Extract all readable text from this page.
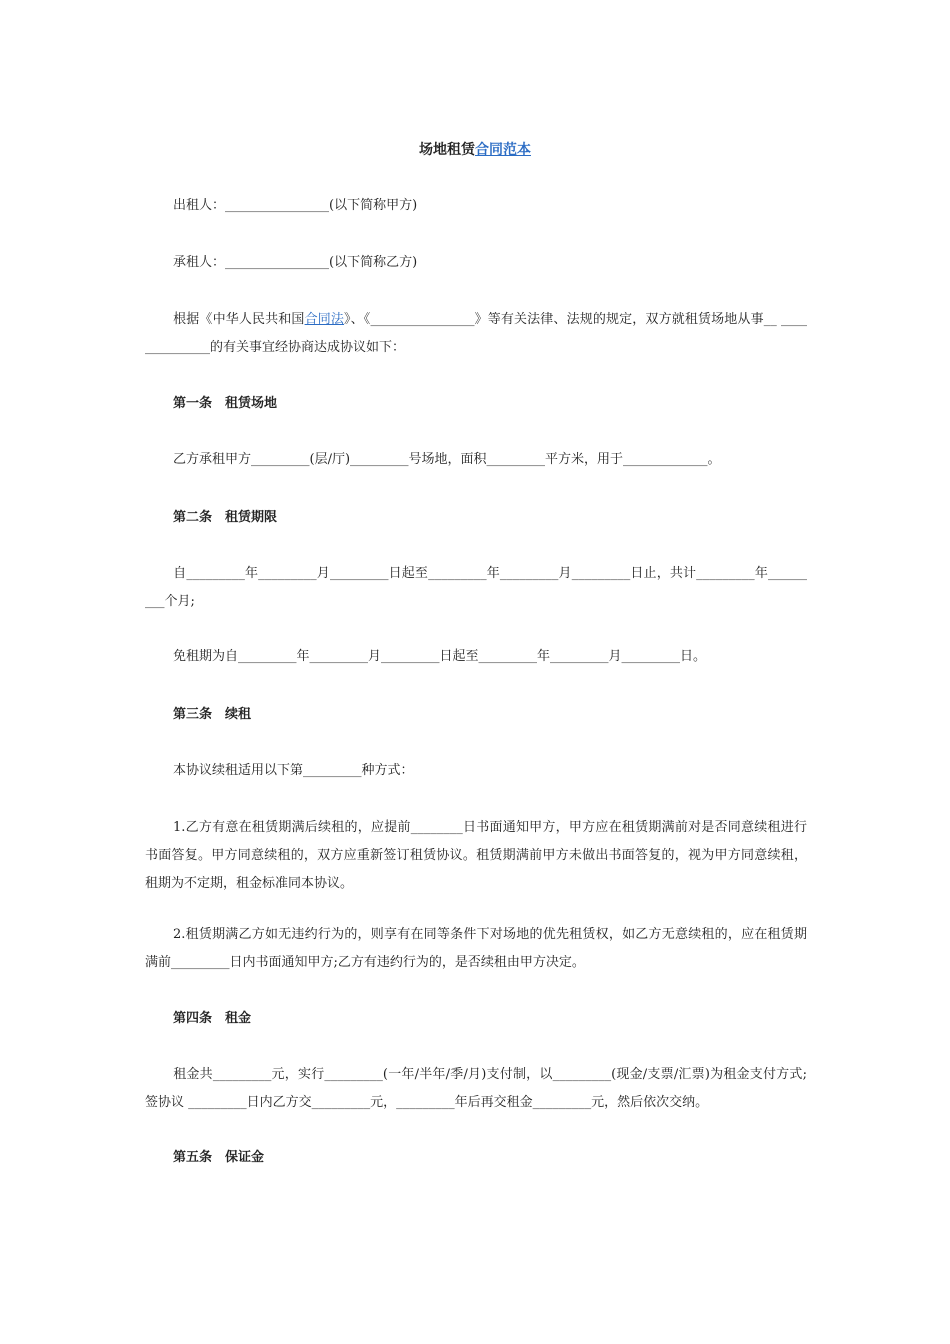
场地租赁合同范本
出租人：________________(以下简称甲方)
承租人：________________(以下简称乙方)
根据《中华人民共和国合同法》、《________________》等有关法律、法规的规定，双方就租赁场地从事__ ______________的有关事宜经协商达成协议如下：
第一条　租赁场地
乙方承租甲方_________(层/厅)_________号场地，面积_________平方米，用于_____________。
第二条　租赁期限
自_________年_________月_________日起至_________年_________月_________日止，共计_________年_________个月;
免租期为自_________年_________月_________日起至_________年_________月_________日。
第三条　续租
本协议续租适用以下第_________种方式：
1.乙方有意在租赁期满后续租的，应提前________日书面通知甲方，甲方应在租赁期满前对是否同意续租进行书面答复。甲方同意续租的，双方应重新签订租赁协议。租赁期满前甲方未做出书面答复的，视为甲方同意续租，租期为不定期，租金标准同本协议。
2.租赁期满乙方如无违约行为的，则享有在同等条件下对场地的优先租赁权，如乙方无意续租的，应在租赁期满前_________日内书面通知甲方;乙方有违约行为的，是否续租由甲方决定。
第四条　租金
租金共_________元，实行_________(一年/半年/季/月)支付制，以_________(现金/支票/汇票)为租金支付方式;签协议 _________日内乙方交_________元，_________年后再交租金_________元，然后依次交纳。
第五条　保证金
